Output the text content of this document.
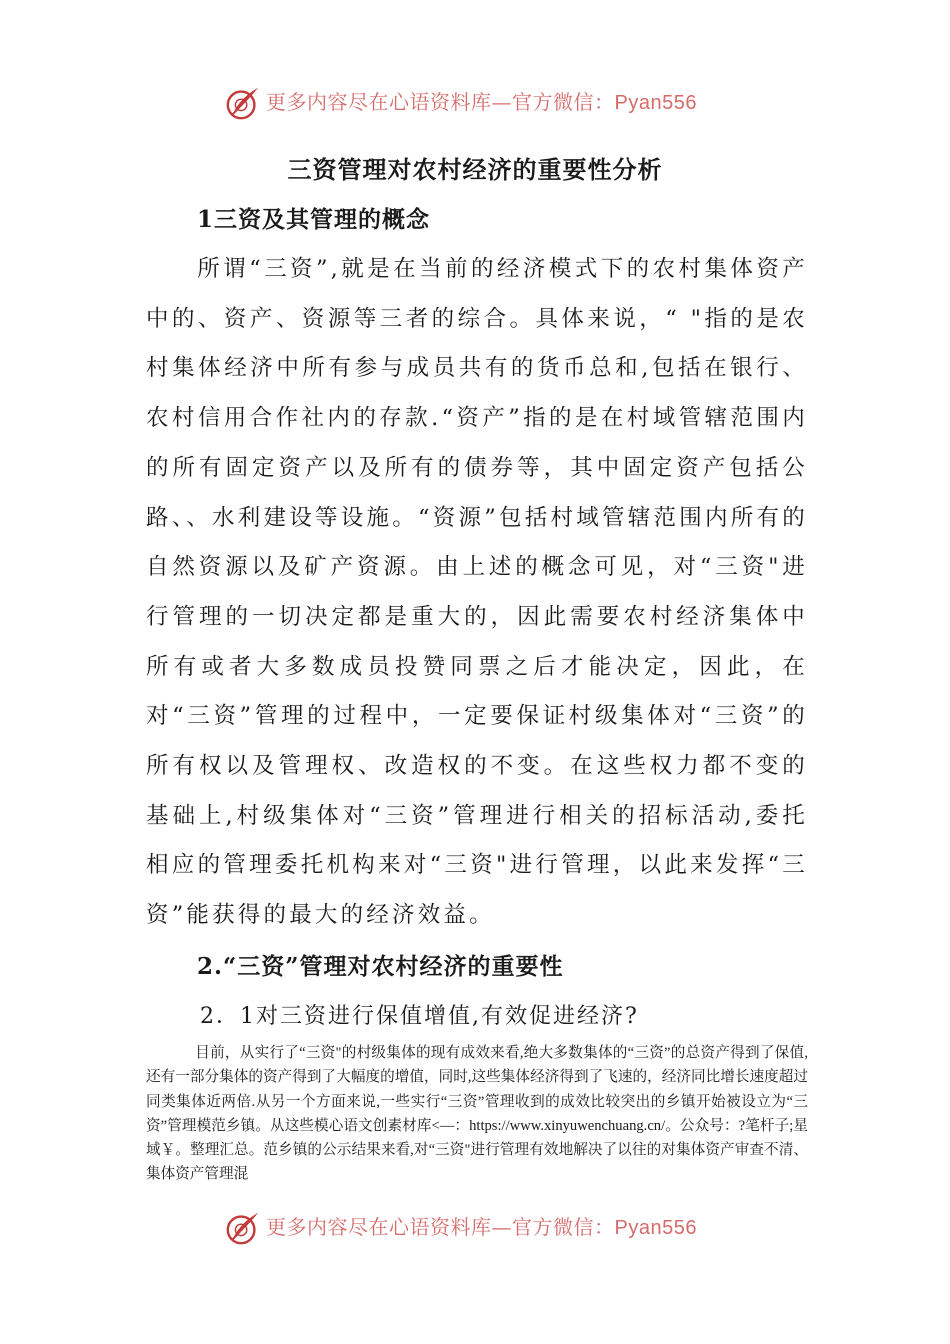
更多内容尽在心语资料库—官方微信：Pyan556
三资管理对农村经济的重要性分析
1三资及其管理的概念

所谓“三资”,就是在当前的经济模式下的农村集体资产中的、资产、资源等三者的综合。具体来说，“ "指的是农村集体经济中所有参与成员共有的货币总和,包括在银行、农村信用合作社内的存款.“资产”指的是在村域管辖范围内的所有固定资产以及所有的债券等，其中固定资产包括公路、、水利建设等设施。“资源”包括村域管辖范围内所有的自然资源以及矿产资源。由上述的概念可见，对“三资"进行管理的一切决定都是重大的，因此需要农村经济集体中所有或者大多数成员投赞同票之后才能决定，因此，在对“三资”管理的过程中，一定要保证村级集体对“三资”的所有权以及管理权、改造权的不变。在这些权力都不变的基础上,村级集体对“三资”管理进行相关的招标活动,委托相应的管理委托机构来对“三资"进行管理，以此来发挥“三资”能获得的最大的经济效益。

2.“三资”管理对农村经济的重要性
2．1对三资进行保值增值,有效促进经济?

目前，从实行了“三资"的村级集体的现有成效来看,绝大多数集体的“三资”的总资产得到了保值,还有一部分集体的资产得到了大幅度的增值，同时,这些集体经济得到了飞速的，经济同比增长速度超过同类集体近两倍.从另一个方面来说,一些实行“三资”管理收到的成效比较突出的乡镇开始被设立为“三资”管理模范乡镇。从这些模心语文创素材库<—：https://www.xinyuwenchuang.cn/。公众号：?笔杆子;星域￥。整理汇总。范乡镇的公示结果来看,对“三资"进行管理有效地解决了以往的对集体资产审查不清、集体资产管理混

更多内容尽在心语资料库—官方微信：Pyan556
